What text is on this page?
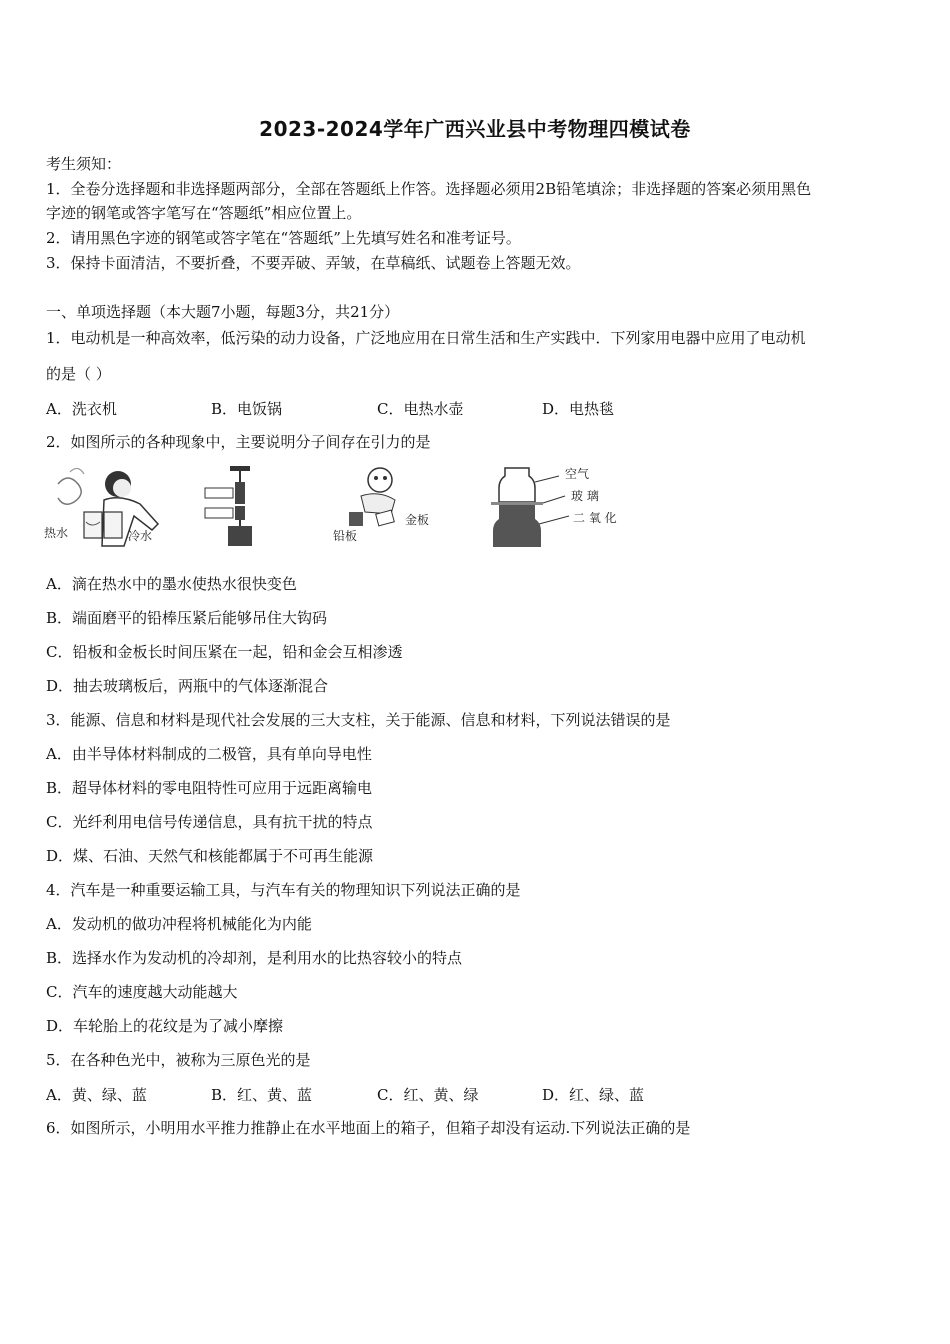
2023-2024学年广西兴业县中考物理四模试卷
考生须知：
1．全卷分选择题和非选择题两部分，全部在答题纸上作答。选择题必须用2B铅笔填涂；非选择题的答案必须用黑色
字迹的钢笔或答字笔写在“答题纸”相应位置上。
2．请用黑色字迹的钢笔或答字笔在“答题纸”上先填写姓名和准考证号。
3．保持卡面清洁，不要折叠，不要弄破、弄皱，在草稿纸、试题卷上答题无效。
一、单项选择题（本大题7小题，每题3分，共21分）
1．电动机是一种高效率，低污染的动力设备，广泛地应用在日常生活和生产实践中．下列家用电器中应用了电动机
的是（ ）
A．洗衣机	B．电饭锅	C．电热水壶	D．电热毯
2．如图所示的各种现象中，主要说明分子间存在引力的是
热水	冷水	铅板
金板
空气
玻 璃
二 氧 化
A．滴在热水中的墨水使热水很快变色
B．端面磨平的铅棒压紧后能够吊住大钩码
C．铅板和金板长时间压紧在一起，铅和金会互相渗透
D．抽去玻璃板后，两瓶中的气体逐渐混合
3．能源、信息和材料是现代社会发展的三大支柱，关于能源、信息和材料，下列说法错误的是
A．由半导体材料制成的二极管，具有单向导电性
B．超导体材料的零电阻特性可应用于远距离输电
C．光纤利用电信号传递信息，具有抗干扰的特点
D．煤、石油、天然气和核能都属于不可再生能源
4．汽车是一种重要运输工具，与汽车有关的物理知识下列说法正确的是
A．发动机的做功冲程将机械能化为内能
B．选择水作为发动机的冷却剂，是利用水的比热容较小的特点
C．汽车的速度越大动能越大
D．车轮胎上的花纹是为了减小摩擦
5．在各种色光中，被称为三原色光的是
A．黄、绿、蓝	B．红、黄、蓝	C．红、黄、绿	D．红、绿、蓝
6．如图所示，小明用水平推力推静止在水平地面上的箱子，但箱子却没有运动.下列说法正确的是
